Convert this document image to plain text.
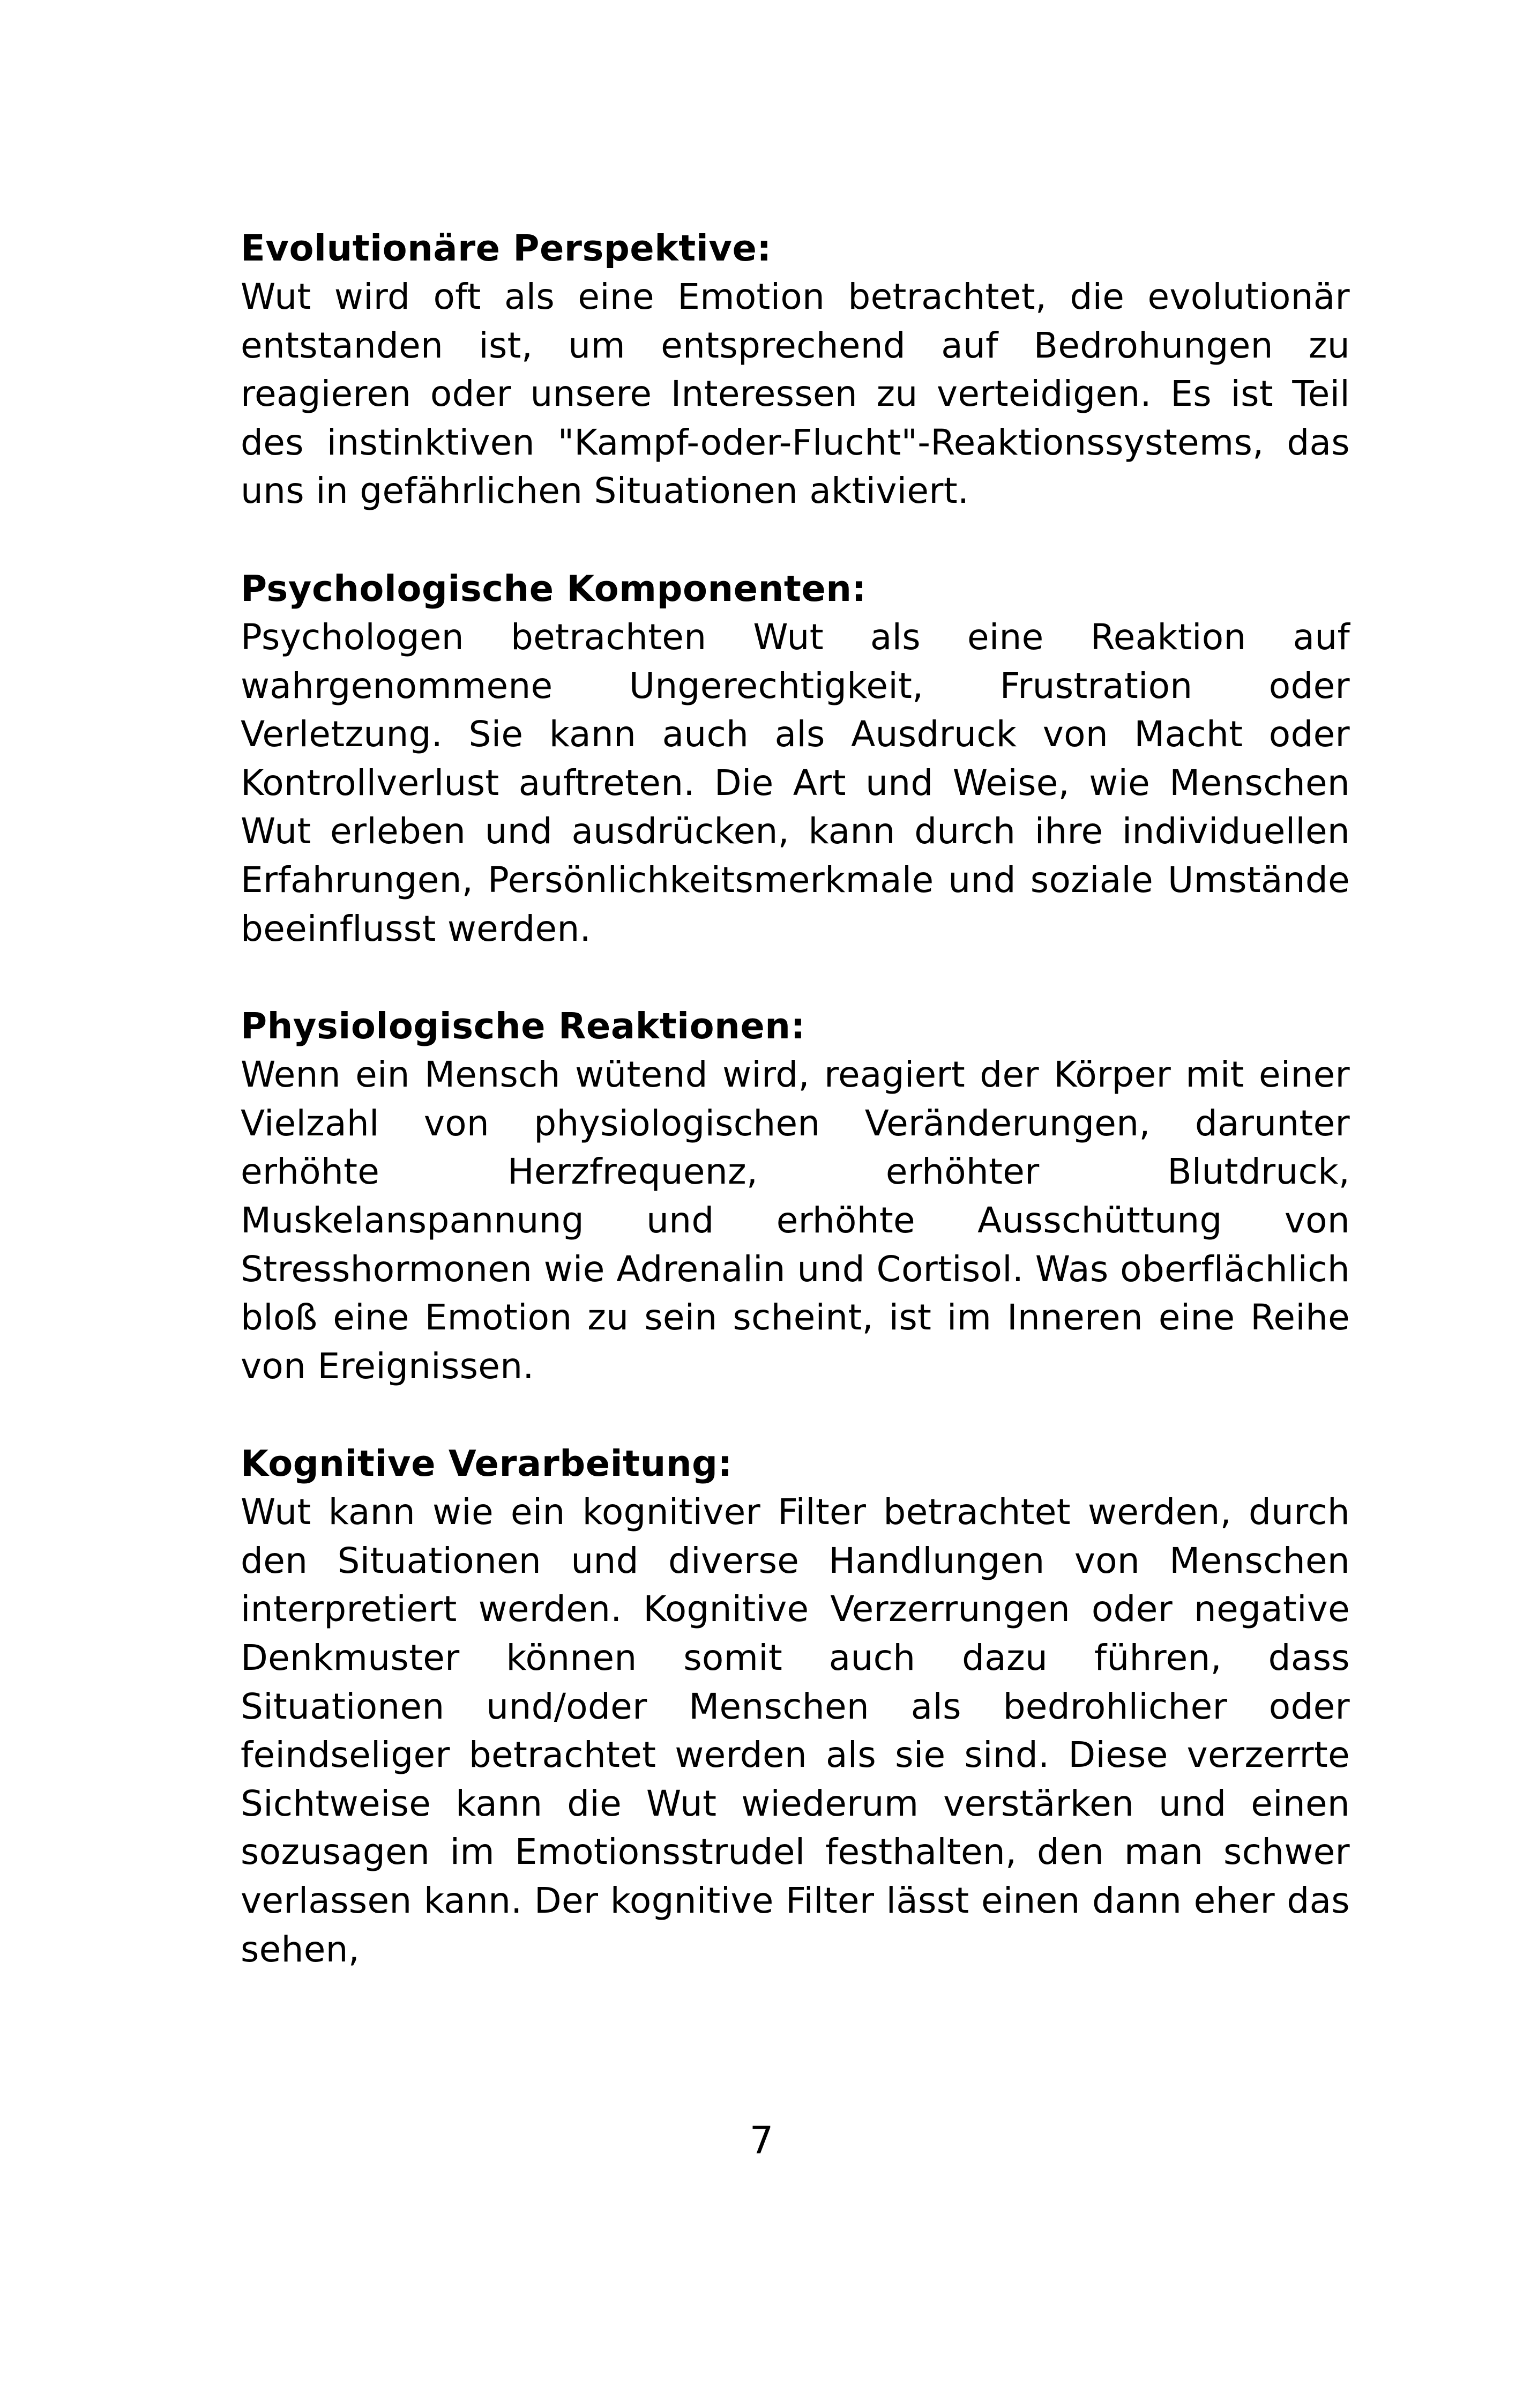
Evolutionäre Perspektive:

Wut wird oft als eine Emotion betrachtet, die evolutionär entstanden ist, um entsprechend auf Bedrohungen zu reagieren oder unsere Interessen zu verteidigen. Es ist Teil des instinktiven "Kampf-oder-Flucht"-Reaktionssystems, das uns in gefährlichen Situationen aktiviert.

Psychologische Komponenten:

Psychologen betrachten Wut als eine Reaktion auf wahrgenommene Ungerechtigkeit, Frustration oder Verletzung. Sie kann auch als Ausdruck von Macht oder Kontrollverlust auftreten. Die Art und Weise, wie Menschen Wut erleben und ausdrücken, kann durch ihre individuellen Erfahrungen, Persönlichkeitsmerkmale und soziale Umstände beeinflusst werden.

Physiologische Reaktionen:

Wenn ein Mensch wütend wird, reagiert der Körper mit einer Vielzahl von physiologischen Veränderungen, darunter erhöhte Herzfrequenz, erhöhter Blutdruck, Muskelanspannung und erhöhte Ausschüttung von Stresshormonen wie Adrenalin und Cortisol. Was oberflächlich bloß eine Emotion zu sein scheint, ist im Inneren eine Reihe von Ereignissen.

Kognitive Verarbeitung:

Wut kann wie ein kognitiver Filter betrachtet werden, durch den Situationen und diverse Handlungen von Menschen interpretiert werden. Kognitive Verzerrungen oder negative Denkmuster können somit auch dazu führen, dass Situationen und/oder Menschen als bedrohlicher oder feindseliger betrachtet werden als sie sind. Diese verzerrte Sichtweise kann die Wut wiederum verstärken und einen sozusagen im Emotionsstrudel festhalten, den man schwer verlassen kann. Der kognitive Filter lässt einen dann eher das sehen,

7
